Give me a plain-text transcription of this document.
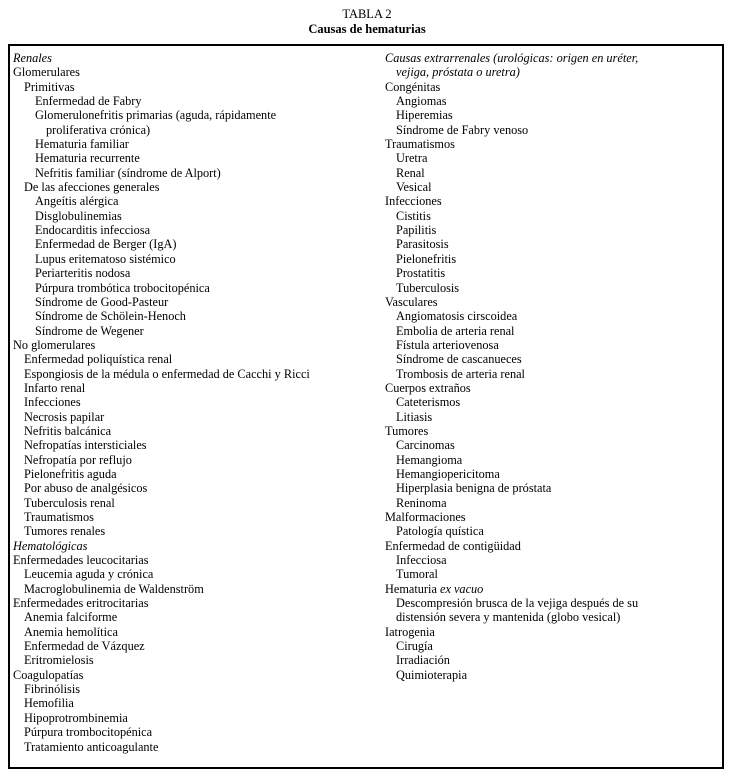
TABLA 2
Causas de hematurias
Renales
Glomerulares
Primitivas
Enfermedad de Fabry
Glomerulonefritis primarias (aguda, rápidamente
proliferativa crónica)
Hematuria familiar
Hematuria recurrente
Nefritis familiar (síndrome de Alport)
De las afecciones generales
Angeítis alérgica
Disglobulinemias
Endocarditis infecciosa
Enfermedad de Berger (IgA)
Lupus eritematoso sistémico
Periarteritis nodosa
Púrpura trombótica trobocitopénica
Síndrome de Good-Pasteur
Síndrome de Schölein-Henoch
Síndrome de Wegener
No glomerulares
Enfermedad poliquística renal
Espongiosis de la médula o enfermedad de Cacchi y Ricci
Infarto renal
Infecciones
Necrosis papilar
Nefritis balcánica
Nefropatías intersticiales
Nefropatía por reflujo
Pielonefritis aguda
Por abuso de analgésicos
Tuberculosis renal
Traumatismos
Tumores renales
Hematológicas
Enfermedades leucocitarias
Leucemia aguda y crónica
Macroglobulinemia de Waldenström
Enfermedades eritrocitarias
Anemia falciforme
Anemia hemolítica
Enfermedad de Vázquez
Eritromielosis
Coagulopatías
Fibrinólisis
Hemofilia
Hipoprotrombinemia
Púrpura trombocitopénica
Tratamiento anticoagulante
Causas extrarrenales (urológicas: origen en uréter,
vejiga, próstata o uretra)
Congénitas
Angiomas
Hiperemias
Síndrome de Fabry venoso
Traumatismos
Uretra
Renal
Vesical
Infecciones
Cistitis
Papilitis
Parasitosis
Pielonefritis
Prostatitis
Tuberculosis
Vasculares
Angiomatosis cirscoidea
Embolia de arteria renal
Fístula arteriovenosa
Síndrome de cascanueces
Trombosis de arteria renal
Cuerpos extraños
Cateterismos
Litiasis
Tumores
Carcinomas
Hemangioma
Hemangiopericitoma
Hiperplasia benigna de próstata
Reninoma
Malformaciones
Patología quística
Enfermedad de contigüidad
Infecciosa
Tumoral
Hematuria ex vacuo
Descompresión brusca de la vejiga después de su
distensión severa y mantenida (globo vesical)
Iatrogenia
Cirugía
Irradiación
Quimioterapia
